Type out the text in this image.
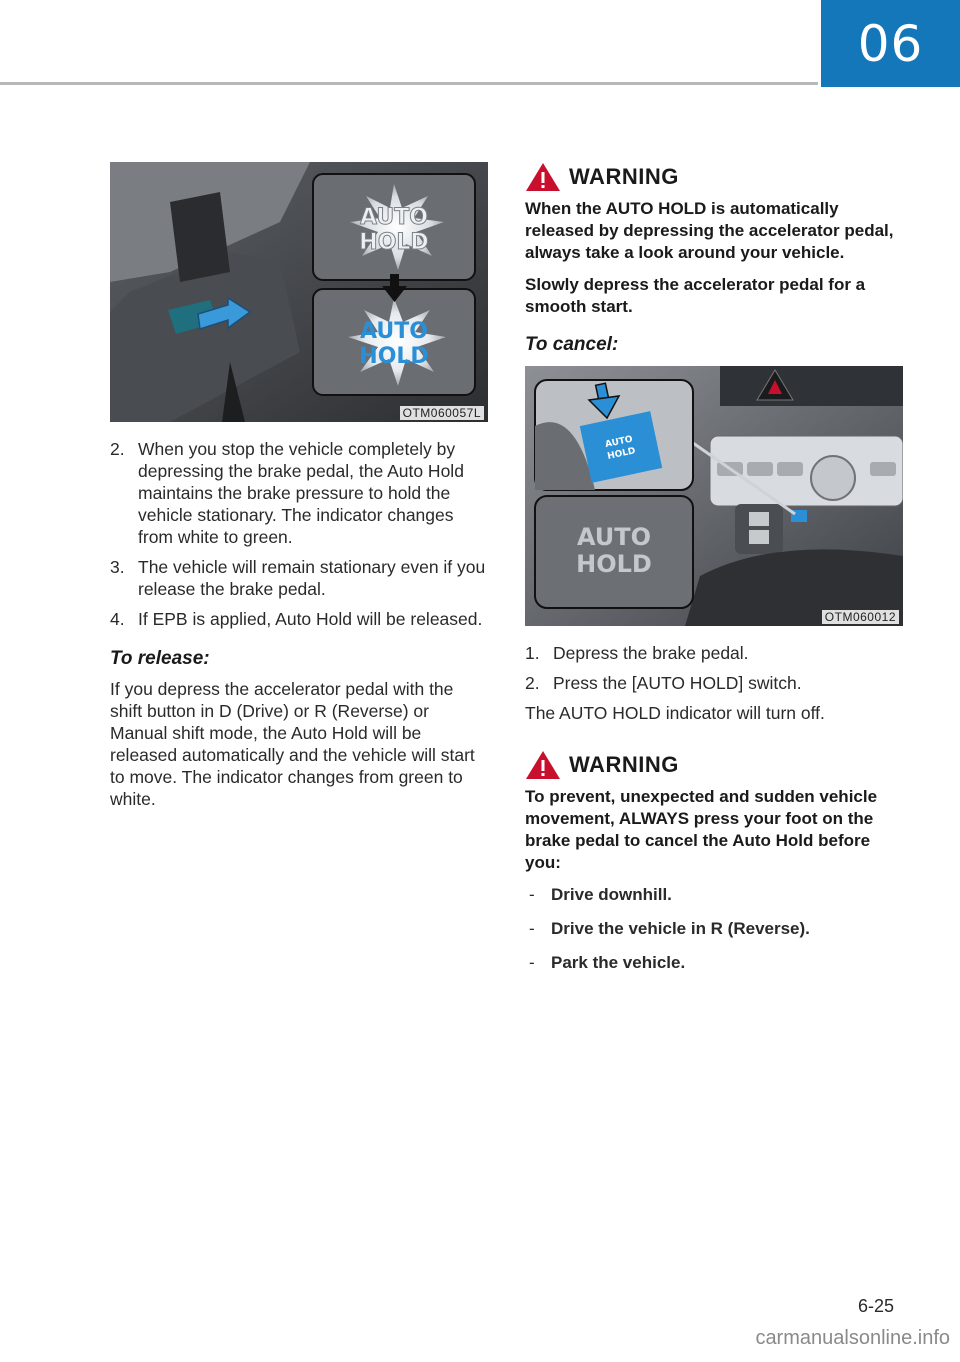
06
AUTO
HOLD
AUTO
HOLD
OTM060057L
2. When you stop the vehicle completely by depressing the brake pedal, the Auto Hold maintains the brake pressure to hold the vehicle stationary. The indicator changes from white to green.
3. The vehicle will remain stationary even if you release the brake pedal.
4. If EPB is applied, Auto Hold will be released.
To release:

If you depress the accelerator pedal with the shift button in D (Drive) or R (Reverse) or Manual shift mode, the Auto Hold will be released automatically and the vehicle will start to move. The indicator changes from green to white.

WARNING

When the AUTO HOLD is automatically released by depressing the accelerator pedal, always take a look around your vehicle.

Slowly depress the accelerator pedal for a smooth start.

To cancel:
AUTO
HOLD
AUTO
HOLD
OTM060012
1. Depress the brake pedal.
2. Press the [AUTO HOLD] switch.

The AUTO HOLD indicator will turn off.

WARNING

To prevent, unexpected and sudden vehicle movement, ALWAYS press your foot on the brake pedal to cancel the Auto Hold before you:

- Drive downhill.
- Drive the vehicle in R (Reverse).
- Park the vehicle.
6-25
carmanualsonline.info
